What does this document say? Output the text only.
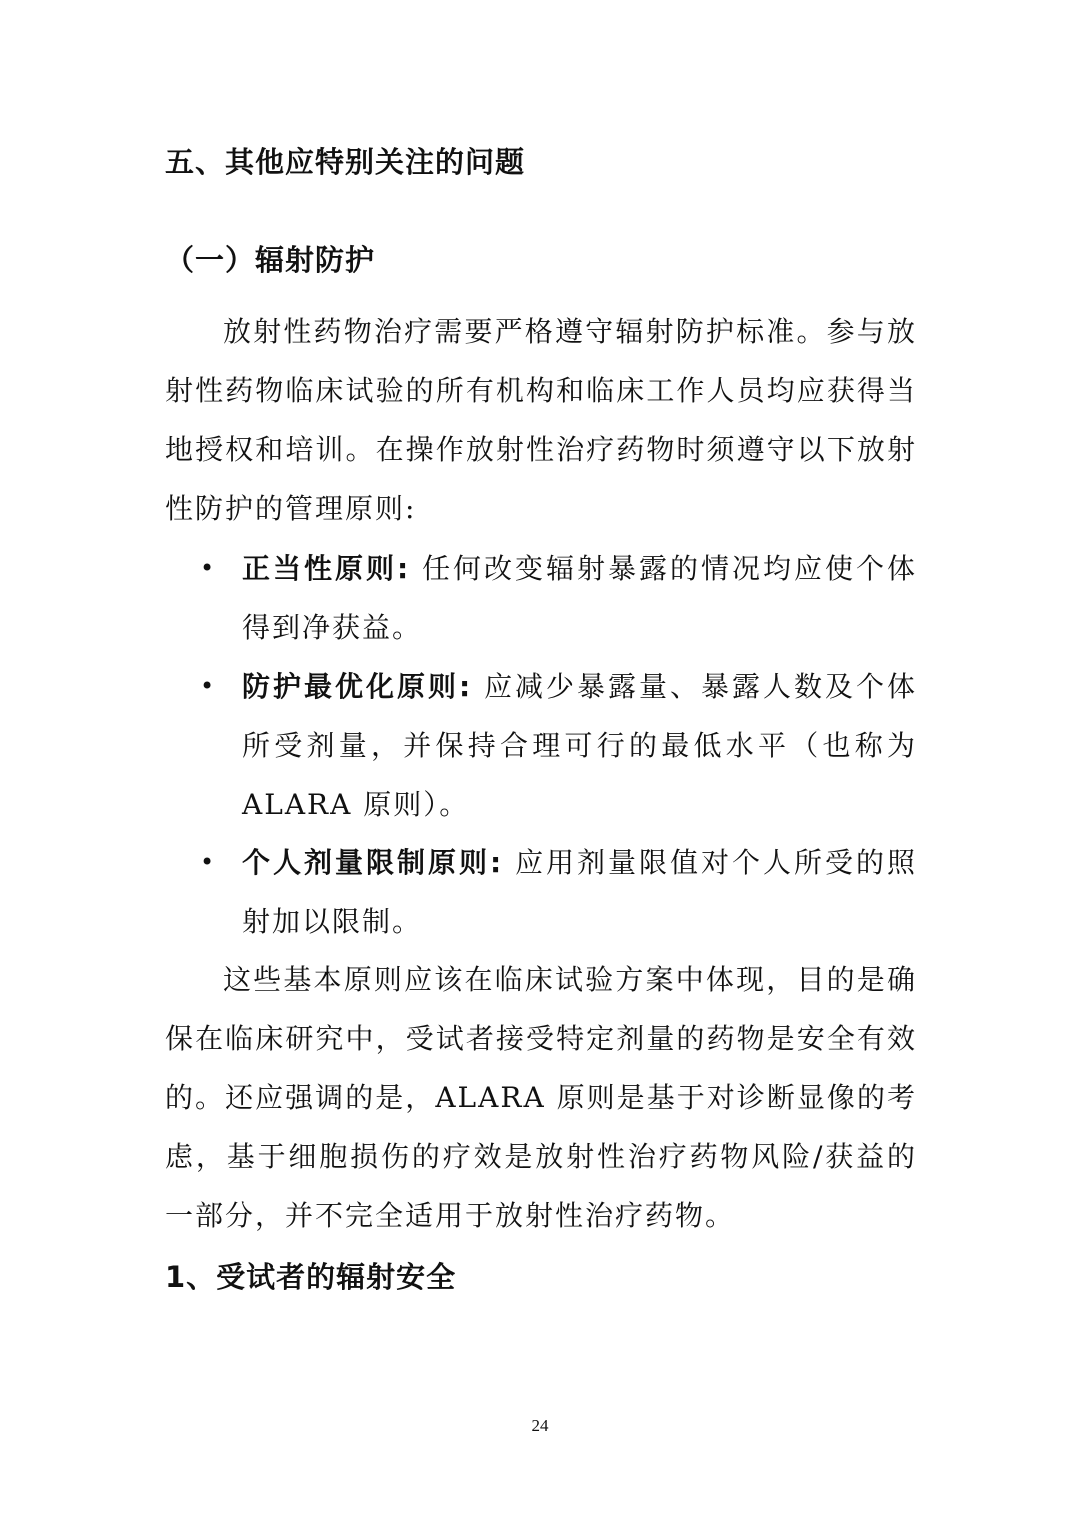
五、其他应特别关注的问题
（一）辐射防护
放射性药物治疗需要严格遵守辐射防护标准。参与放射性药物临床试验的所有机构和临床工作人员均应获得当地授权和培训。在操作放射性治疗药物时须遵守以下放射性防护的管理原则:
• 正当性原则: 任何改变辐射暴露的情况均应使个体得到净获益。
• 防护最优化原则: 应减少暴露量、暴露人数及个体所受剂量，并保持合理可行的最低水平（也称为 ALARA 原则）。
• 个人剂量限制原则: 应用剂量限值对个人所受的照射加以限制。
这些基本原则应该在临床试验方案中体现，目的是确保在临床研究中，受试者接受特定剂量的药物是安全有效的。还应强调的是，ALARA 原则是基于对诊断显像的考虑，基于细胞损伤的疗效是放射性治疗药物风险/获益的一部分，并不完全适用于放射性治疗药物。
1、受试者的辐射安全
24
